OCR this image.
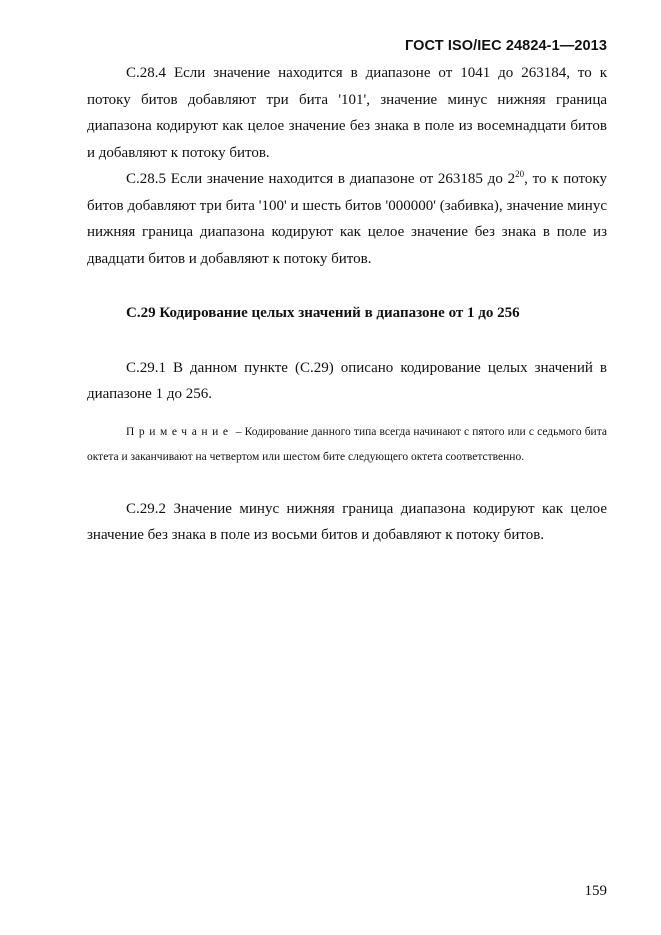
ГОСТ ISO/IEC 24824-1—2013

С.28.4 Если значение находится в диапазоне от 1041 до 263184, то к потоку битов добавляют три бита '101', значение минус нижняя граница диапазона кодируют как целое значение без знака в поле из восемнадцати битов и добавляют к потоку битов.

С.28.5 Если значение находится в диапазоне от 263185 до $2^{20}$, то к потоку битов добавляют три бита '100' и шесть битов '000000' (забивка), значение минус нижняя граница диапазона кодируют как целое значение без знака в поле из двадцати битов и добавляют к потоку битов.

С.29 Кодирование целых значений в диапазоне от 1 до 256

С.29.1 В данном пункте (С.29) описано кодирование целых значений в диапазоне 1 до 256.

Примечание – Кодирование данного типа всегда начинают с пятого или с седьмого бита октета и заканчивают на четвертом или шестом бите следующего октета соответственно.

С.29.2 Значение минус нижняя граница диапазона кодируют как целое значение без знака в поле из восьми битов и добавляют к потоку битов.

159
